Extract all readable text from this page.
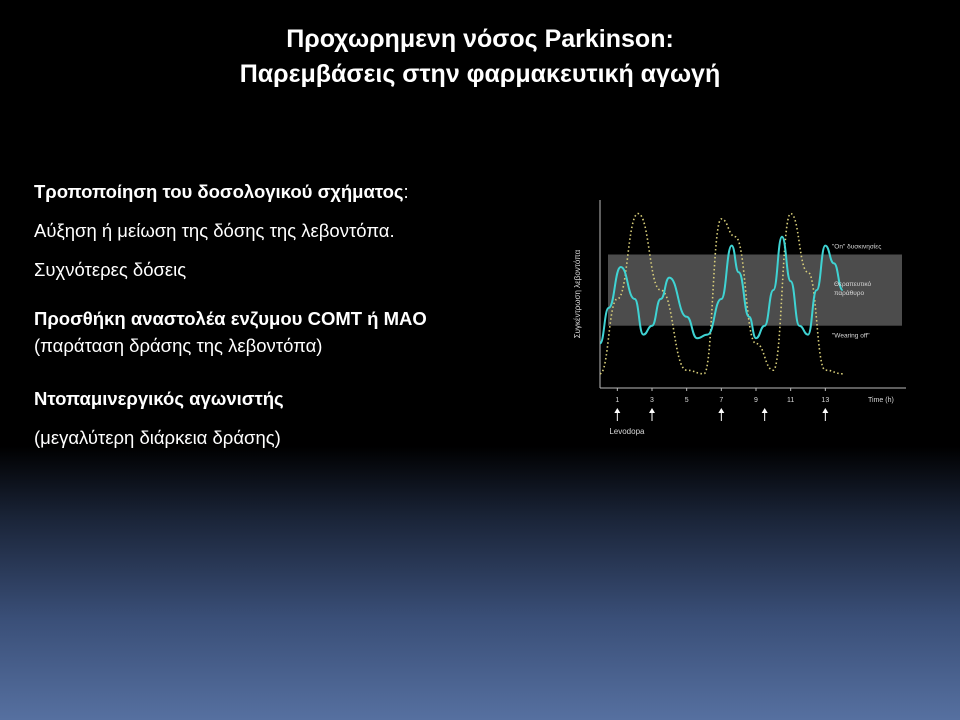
Προχωρημενη νόσος Parkinson:
Παρεμβάσεις στην φαρμακευτική αγωγή
Τροποποίηση του δοσολογικού σχήματος:
Αύξηση ή μείωση της δόσης της λεβοντόπα.
Συχνότερες δόσεις
Προσθήκη αναστολέα ενζυμου COMT ή MAO
(παράταση δράσης της λεβοντόπα)
Ντοπαμινεργικός αγωνιστής
(μεγαλύτερη διάρκεια δράσης)
1	3	5	7	9	11	13
Συγκέντρωση λεβοντόπα
Time (h)
"On" δυσκινησίες
Θεραπευτικό
παράθυρο
"Wearing off"
Levodopa
